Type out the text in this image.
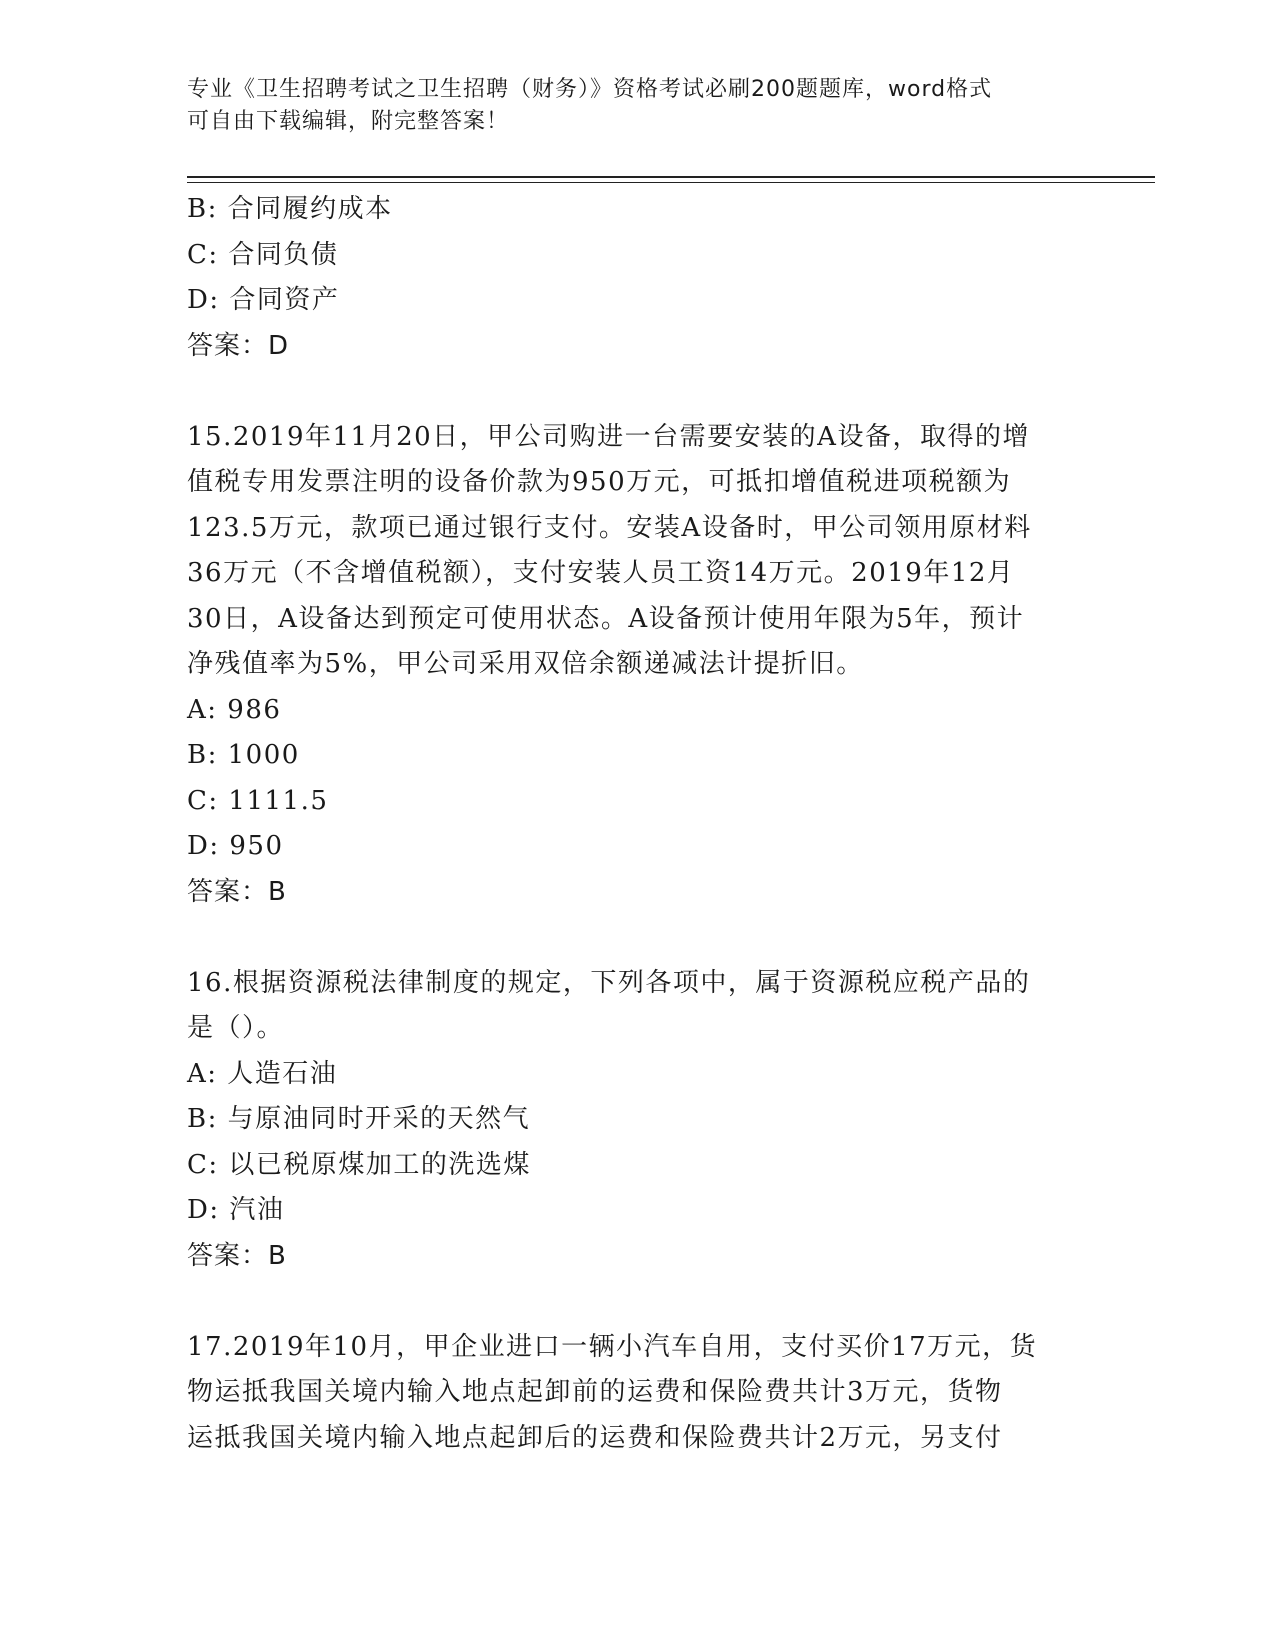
专业《卫生招聘考试之卫生招聘（财务）》资格考试必刷200题题库，word格式
可自由下载编辑，附完整答案！
B: 合同履约成本
C: 合同负债
D: 合同资产
答案：D
15.2019年11月20日，甲公司购进一台需要安装的A设备，取得的增
值税专用发票注明的设备价款为950万元，可抵扣增值税进项税额为
123.5万元，款项已通过银行支付。安装A设备时，甲公司领用原材料
36万元（不含增值税额），支付安装人员工资14万元。2019年12月
30日，A设备达到预定可使用状态。A设备预计使用年限为5年，预计
净残值率为5%，甲公司采用双倍余额递减法计提折旧。
A: 986
B: 1000
C: 1111.5
D: 950
答案：B
16.根据资源税法律制度的规定，下列各项中，属于资源税应税产品的
是（）。
A: 人造石油
B: 与原油同时开采的天然气
C: 以已税原煤加工的洗选煤
D: 汽油
答案：B
17.2019年10月，甲企业进口一辆小汽车自用，支付买价17万元，货
物运抵我国关境内输入地点起卸前的运费和保险费共计3万元，货物
运抵我国关境内输入地点起卸后的运费和保险费共计2万元，另支付
